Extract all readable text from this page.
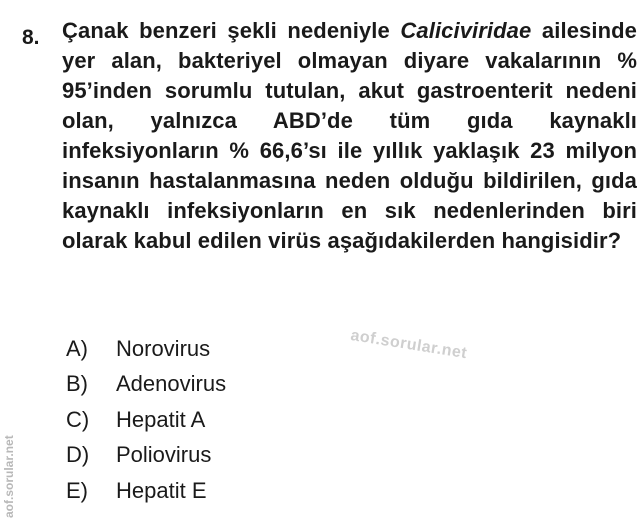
8. Çanak benzeri şekli nedeniyle Caliciviridae ailesinde yer alan, bakteriyel olmayan diyare vakalarının % 95’inden sorumlu tutulan, akut gastroenterit nedeni olan, yalnızca ABD’de tüm gıda kaynaklı infeksiyonların % 66,6’sı ile yıllık yaklaşık 23 milyon insanın hastalanmasına neden olduğu bildirilen, gıda kaynaklı infeksiyonların en sık nedenlerinden biri olarak kabul edilen virüs aşağıdakilerden hangisidir?
A)	Norovirus
B)	Adenovirus
C)	Hepatit A
D)	Poliovirus
E)	Hepatit E
aof.sorular.net
aof.sorular.net
